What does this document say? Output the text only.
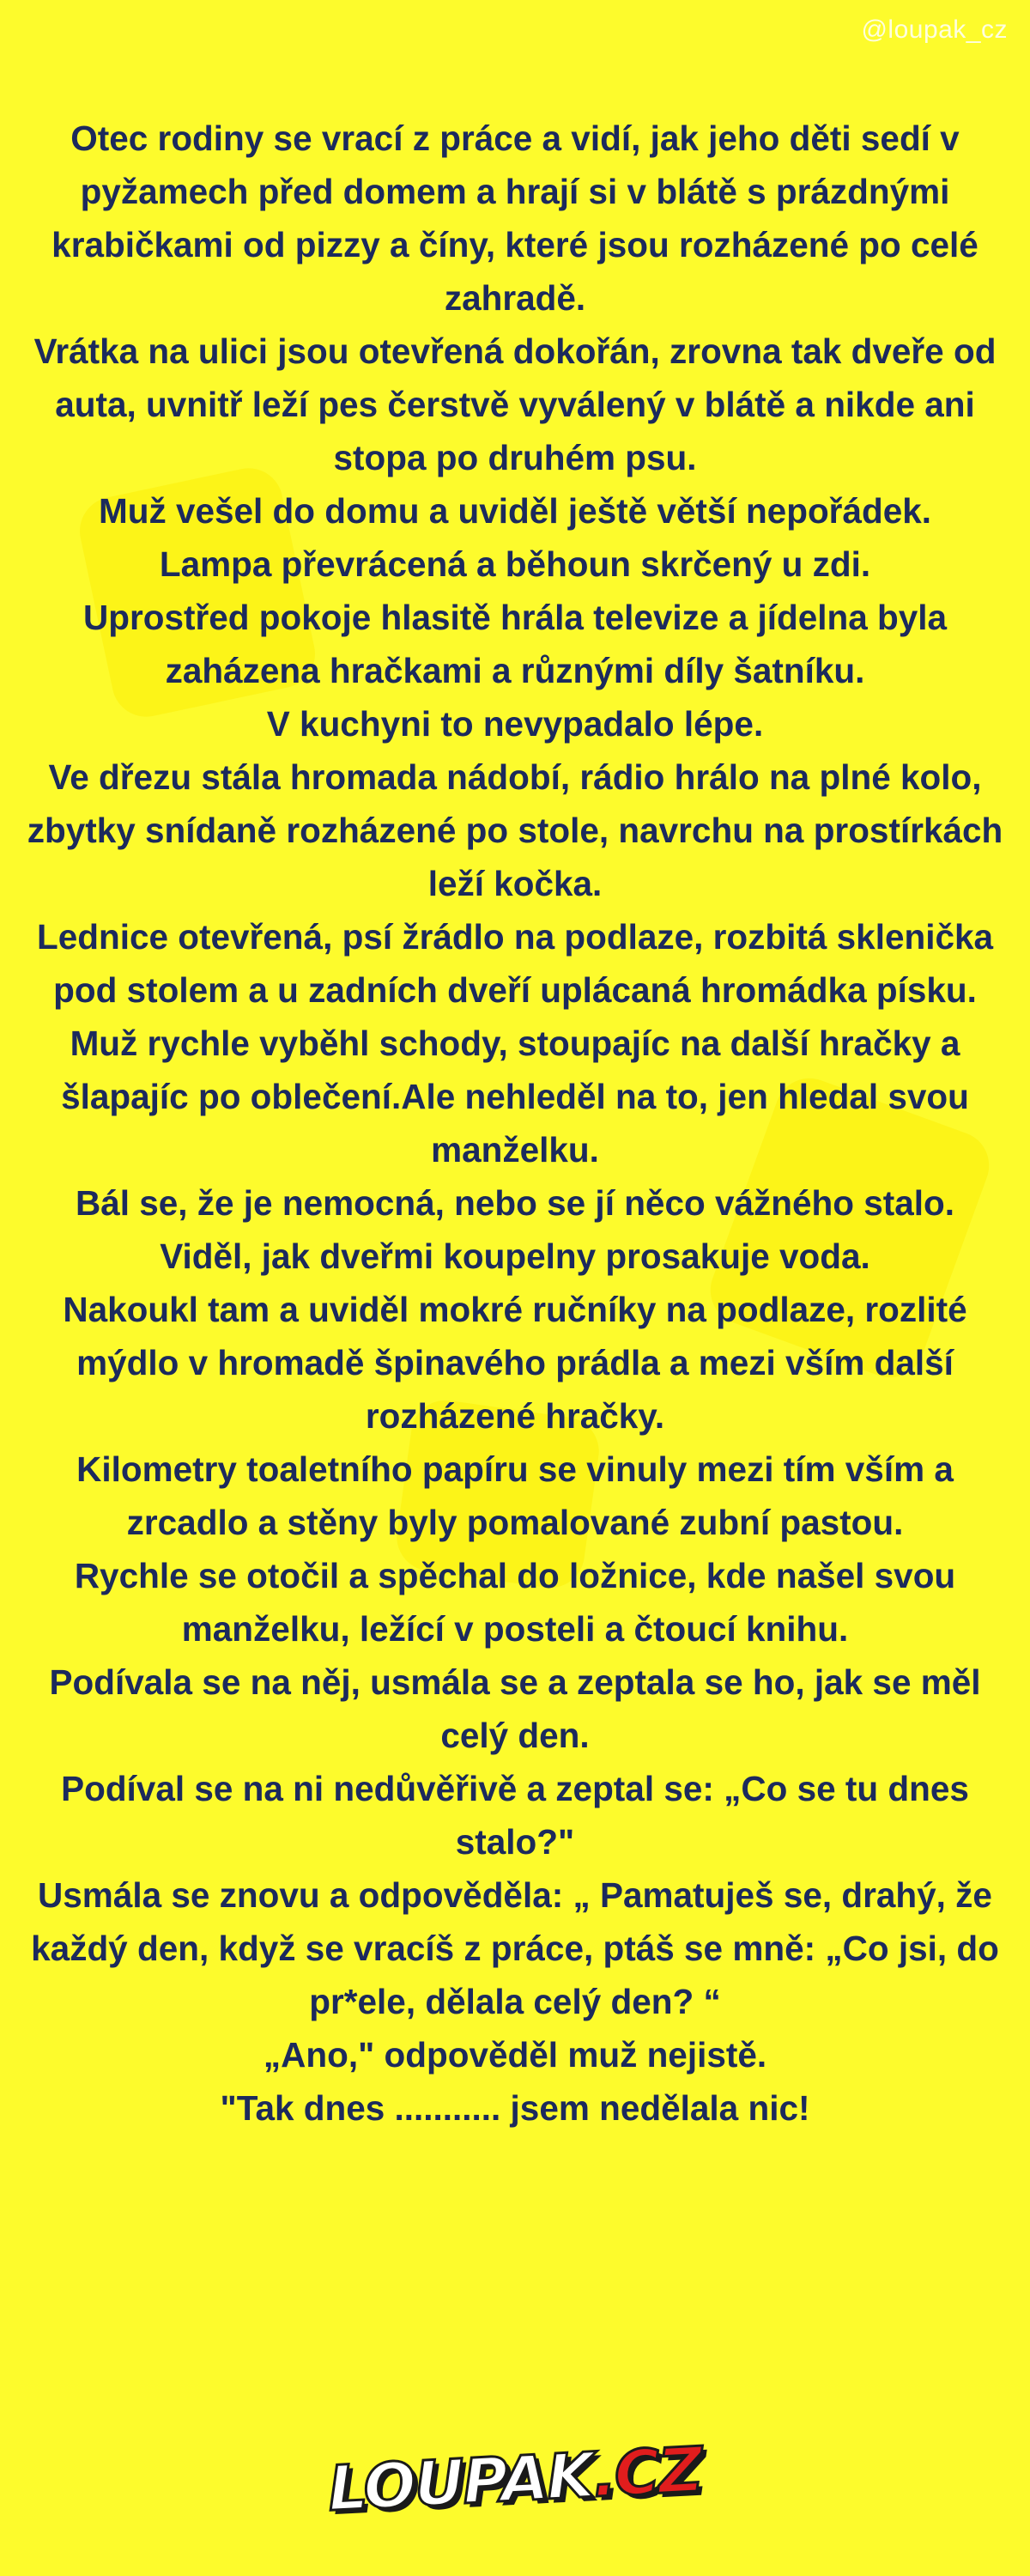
@loupak_cz

Otec rodiny se vrací z práce a vidí, jak jeho děti sedí v pyžamech před domem a hrají si v blátě s prázdnými krabičkami od pizzy a číny, které jsou rozházené po celé zahradě.

Vrátka na ulici jsou otevřená dokořán, zrovna tak dveře od auta, uvnitř leží pes čerstvě vyválený v blátě a nikde ani stopa po druhém psu.

Muž vešel do domu a uviděl ještě větší nepořádek.

Lampa převrácená a běhoun skrčený u zdi.

Uprostřed pokoje hlasitě hrála televize a jídelna byla zaházena hračkami a různými díly šatníku.

V kuchyni to nevypadalo lépe.

Ve dřezu stála hromada nádobí, rádio hrálo na plné kolo, zbytky snídaně rozházené po stole, navrchu na prostírkách leží kočka.

Lednice otevřená, psí žrádlo na podlaze, rozbitá sklenička pod stolem a u zadních dveří uplácaná hromádka písku.

Muž rychle vyběhl schody, stoupajíc na další hračky a šlapajíc po oblečení.Ale nehleděl na to, jen hledal svou manželku.

Bál se, že je nemocná, nebo se jí něco vážného stalo.

Viděl, jak dveřmi koupelny prosakuje voda.

Nakoukl tam a uviděl mokré ručníky na podlaze, rozlité mýdlo v hromadě špinavého prádla a mezi vším další rozházené hračky.

Kilometry toaletního papíru se vinuly mezi tím vším a zrcadlo a stěny byly pomalované zubní pastou.

Rychle se otočil a spěchal do ložnice, kde našel svou manželku, ležící v posteli a čtoucí knihu.

Podívala se na něj, usmála se a zeptala se ho, jak se měl celý den.

Podíval se na ni nedůvěřivě a zeptal se: „Co se tu dnes stalo?"

Usmála se znovu a odpověděla: „ Pamatuješ se, drahý, že každý den, když se vracíš z práce, ptáš se mně: „Co jsi, do pr*ele, dělala celý den? “

„Ano," odpověděl muž nejistě.

"Tak dnes ........... jsem nedělala nic!

LOUPAK.CZ
